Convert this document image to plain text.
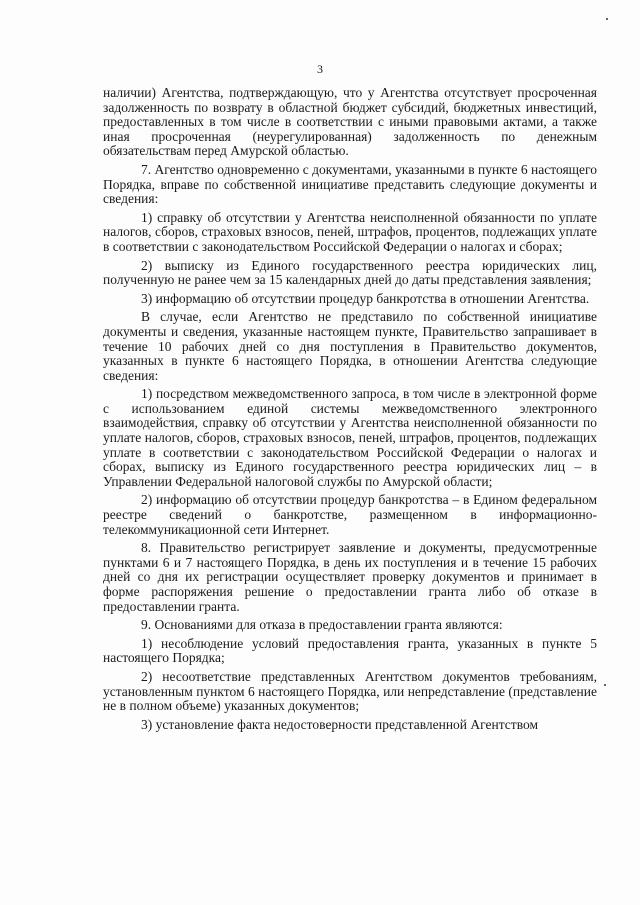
3

наличии) Агентства, подтверждающую, что у Агентства отсутствует просроченная задолженность по возврату в областной бюджет субсидий, бюджетных инвестиций, предоставленных в том числе в соответствии с иными правовыми актами, а также иная просроченная (неурегулированная) задолженность по денежным обязательствам перед Амурской областью.

7. Агентство одновременно с документами, указанными в пункте 6 настоящего Порядка, вправе по собственной инициативе представить следующие документы и сведения:

1) справку об отсутствии у Агентства неисполненной обязанности по уплате налогов, сборов, страховых взносов, пеней, штрафов, процентов, подлежащих уплате в соответствии с законодательством Российской Федерации о налогах и сборах;

2) выписку из Единого государственного реестра юридических лиц, полученную не ранее чем за 15 календарных дней до даты представления заявления;

3) информацию об отсутствии процедур банкротства в отношении Агентства.

В случае, если Агентство не представило по собственной инициативе документы и сведения, указанные настоящем пункте, Правительство запрашивает в течение 10 рабочих дней со дня поступления в Правительство документов, указанных в пункте 6 настоящего Порядка, в отношении Агентства следующие сведения:

1) посредством межведомственного запроса, в том числе в электронной форме с использованием единой системы межведомственного электронного взаимодействия, справку об отсутствии у Агентства неисполненной обязанности по уплате налогов, сборов, страховых взносов, пеней, штрафов, процентов, подлежащих уплате в соответствии с законодательством Российской Федерации о налогах и сборах, выписку из Единого государственного реестра юридических лиц – в Управлении Федеральной налоговой службы по Амурской области;

2) информацию об отсутствии процедур банкротства – в Едином федеральном реестре сведений о банкротстве, размещенном в информационно-телекоммуникационной сети Интернет.

8. Правительство регистрирует заявление и документы, предусмотренные пунктами 6 и 7 настоящего Порядка, в день их поступления и в течение 15 рабочих дней со дня их регистрации осуществляет проверку документов и принимает в форме распоряжения решение о предоставлении гранта либо об отказе в предоставлении гранта.

9. Основаниями для отказа в предоставлении гранта являются:

1) несоблюдение условий предоставления гранта, указанных в пункте 5 настоящего Порядка;

2) несоответствие представленных Агентством документов требованиям, установленным пунктом 6 настоящего Порядка, или непредставление (представление не в полном объеме) указанных документов;

3) установление факта недостоверности представленной Агентством
